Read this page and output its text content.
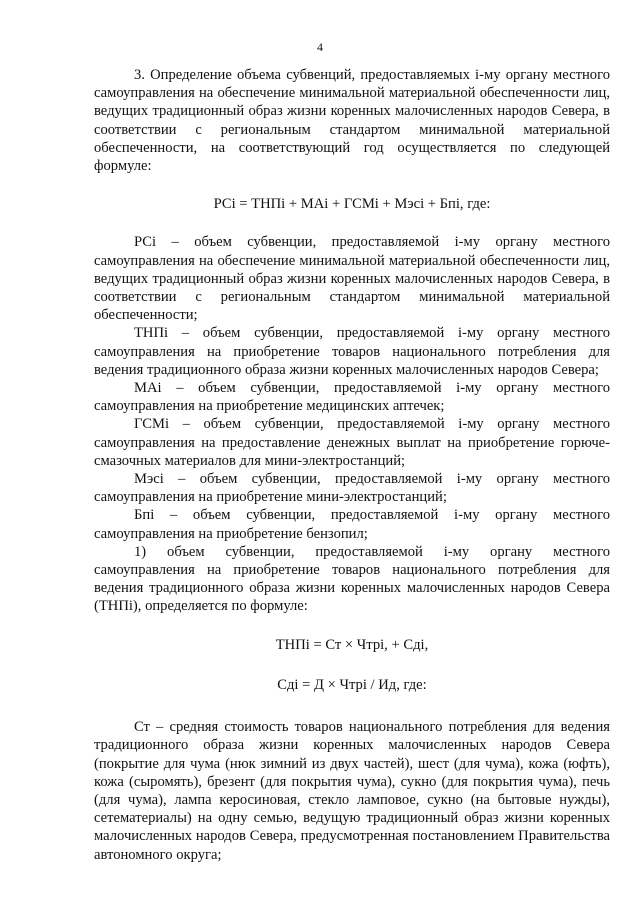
4

3. Определение объема субвенций, предоставляемых i-му органу местного самоуправления на обеспечение минимальной материальной обеспеченности лиц, ведущих традиционный образ жизни коренных малочисленных народов Севера, в соответствии с региональным стандартом минимальной материальной обеспеченности, на соответствующий год осуществляется по следующей формуле:

РСi = ТНПi + МАi + ГСМi + Мэсi + Бпi, где:

РСi – объем субвенции, предоставляемой i-му органу местного самоуправления на обеспечение минимальной материальной обеспеченности лиц, ведущих традиционный образ жизни коренных малочисленных народов Севера, в соответствии с региональным стандартом минимальной материальной обеспеченности;

ТНПi – объем субвенции, предоставляемой i-му органу местного самоуправления на приобретение товаров национального потребления для ведения традиционного образа жизни коренных малочисленных народов Севера;

МАi – объем субвенции, предоставляемой i-му органу местного самоуправления на приобретение медицинских аптечек;

ГСМi – объем субвенции, предоставляемой i-му органу местного самоуправления на предоставление денежных выплат на приобретение горюче-смазочных материалов для мини-электростанций;

Мэсi – объем субвенции, предоставляемой i-му органу местного самоуправления на приобретение мини-электростанций;

Бпi – объем субвенции, предоставляемой i-му органу местного самоуправления на приобретение бензопил;

1) объем субвенции, предоставляемой i-му органу местного самоуправления на приобретение товаров национального потребления для ведения традиционного образа жизни коренных малочисленных народов Севера (ТНПi), определяется по формуле:

ТНПi = Ст × Чтрi, + Сдi,

Сдi = Д × Чтрi / Ид, где:

Ст – средняя стоимость товаров национального потребления для ведения традиционного образа жизни коренных малочисленных народов Севера (покрытие для чума (нюк зимний из двух частей), шест (для чума), кожа (юфть), кожа (сыромять), брезент (для покрытия чума), сукно (для покрытия чума), печь (для чума), лампа керосиновая, стекло ламповое, сукно (на бытовые нужды), сетематериалы) на одну семью, ведущую традиционный образ жизни коренных малочисленных народов Севера, предусмотренная постановлением Правительства автономного округа;
